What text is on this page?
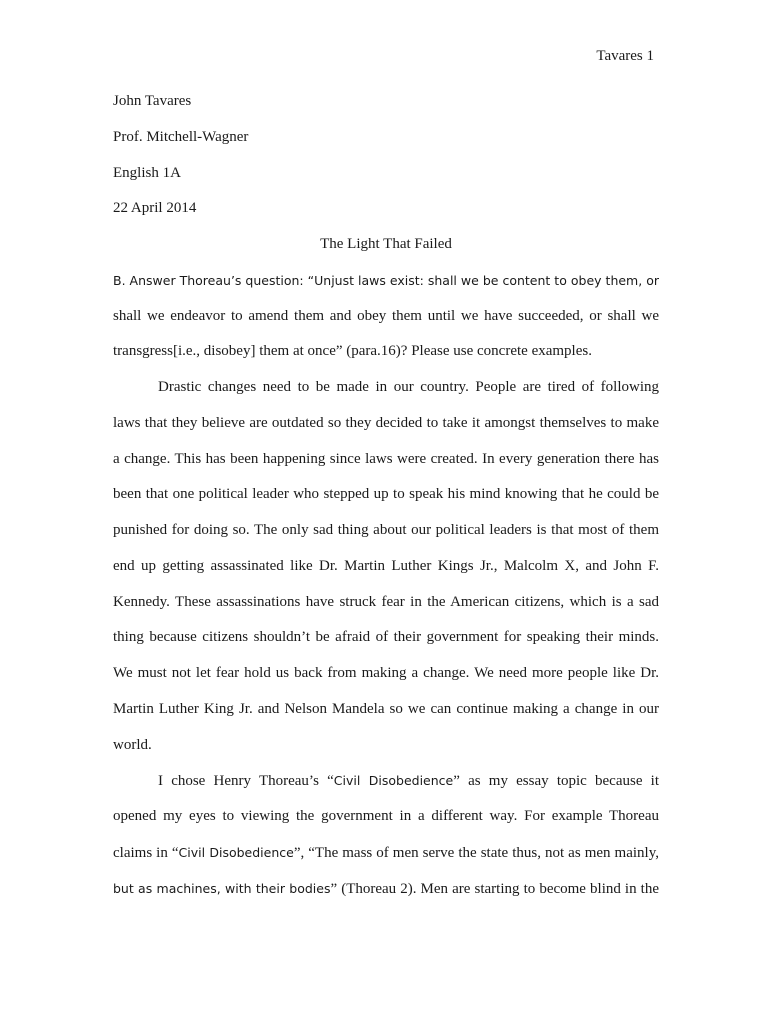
Tavares 1
John Tavares
Prof. Mitchell-Wagner
English 1A
22 April 2014
The Light That Failed
B. Answer Thoreau’s question: “Unjust laws exist: shall we be content to obey them, or
shall we endeavor to amend them and obey them until we have succeeded, or shall we
transgress[i.e., disobey] them at once” (para.16)? Please use concrete examples.
Drastic changes need to be made in our country. People are tired of following
laws that they believe are outdated so they decided to take it amongst themselves to make
a change. This has been happening since laws were created. In every generation there has
been that one political leader who stepped up to speak his mind knowing that he could be
punished for doing so. The only sad thing about our political leaders is that most of them
end up getting assassinated like Dr. Martin Luther Kings Jr., Malcolm X, and John F.
Kennedy. These assassinations have struck fear in the American citizens, which is a sad
thing because citizens shouldn’t be afraid of their government for speaking their minds.
We must not let fear hold us back from making a change. We need more people like Dr.
Martin Luther King Jr. and Nelson Mandela so we can continue making a change in our
world.
I chose Henry Thoreau’s “Civil Disobedience” as my essay topic because it
opened my eyes to viewing the government in a different way. For example Thoreau
claims in “Civil Disobedience”, “The mass of men serve the state thus, not as men mainly,
but as machines, with their bodies” (Thoreau 2). Men are starting to become blind in the
